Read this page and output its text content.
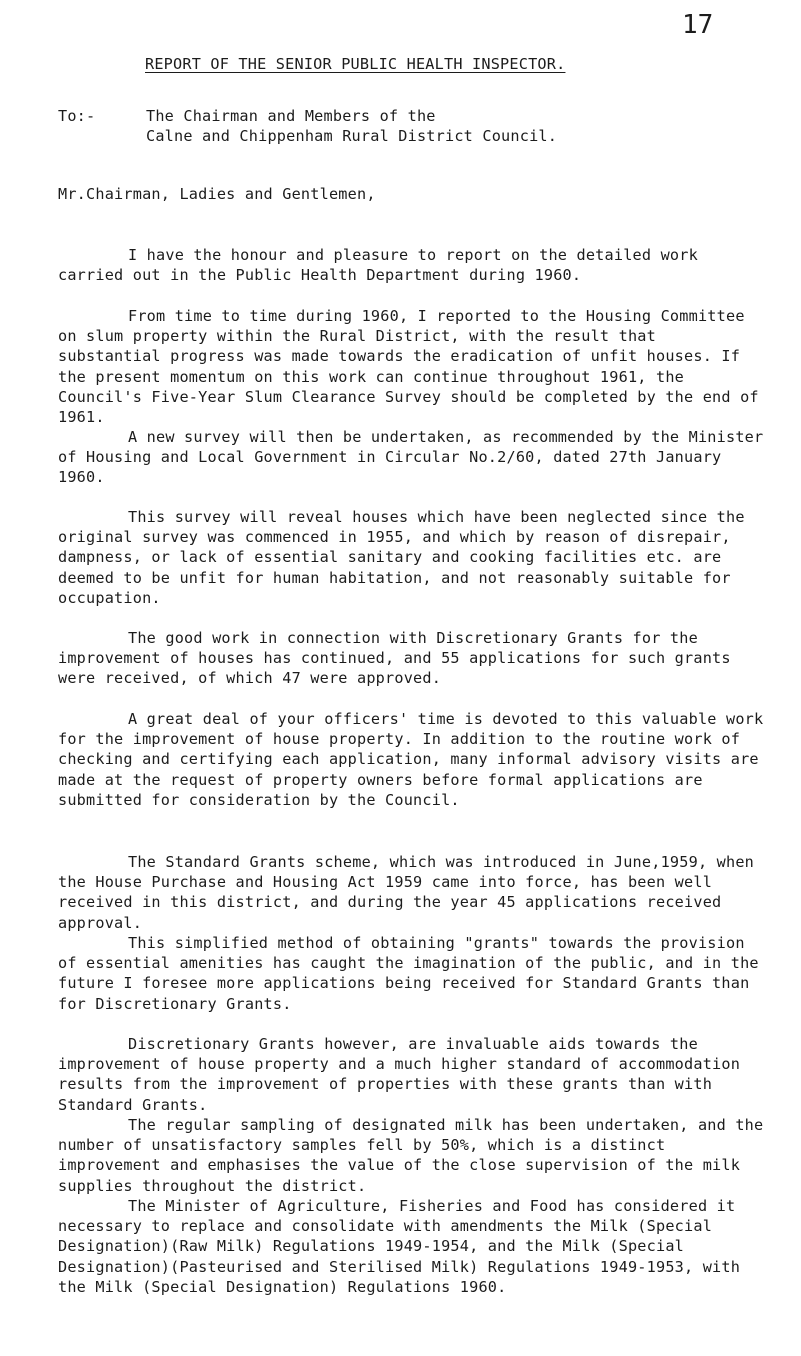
17
REPORT OF THE SENIOR PUBLIC HEALTH INSPECTOR.
To:-	The Chairman and Members of the
Calne and Chippenham Rural District Council.
Mr.Chairman, Ladies and Gentlemen,

I have the honour and pleasure to report on the detailed work carried out in the Public Health Department during 1960.

From time to time during 1960, I reported to the Housing Committee on slum property within the Rural District, with the result that substantial progress was made towards the eradication of unfit houses. If the present momentum on this work can continue throughout 1961, the Council's Five-Year Slum Clearance Survey should be completed by the end of 1961.

A new survey will then be undertaken, as recommended by the Minister of Housing and Local Government in Circular No.2/60, dated 27th January 1960.

This survey will reveal houses which have been neglected since the original survey was commenced in 1955, and which by reason of disrepair, dampness, or lack of essential sanitary and cooking facilities etc. are deemed to be unfit for human habitation, and not reasonably suitable for occupation.

The good work in connection with Discretionary Grants for the improvement of houses has continued, and 55 applications for such grants were received, of which 47 were approved.

A great deal of your officers' time is devoted to this valuable work for the improvement of house property. In addition to the routine work of checking and certifying each application, many informal advisory visits are made at the request of property owners before formal applications are submitted for consideration by the Council.

The Standard Grants scheme, which was introduced in June,1959, when the House Purchase and Housing Act 1959 came into force, has been well received in this district, and during the year 45 applications received approval.

This simplified method of obtaining "grants" towards the provision of essential amenities has caught the imagination of the public, and in the future I foresee more applications being received for Standard Grants than for Discretionary Grants.

Discretionary Grants however, are invaluable aids towards the improvement of house property and a much higher standard of accommodation results from the improvement of properties with these grants than with Standard Grants.

The regular sampling of designated milk has been undertaken, and the number of unsatisfactory samples fell by 50%, which is a distinct improvement and emphasises the value of the close supervision of the milk supplies throughout the district.

The Minister of Agriculture, Fisheries and Food has considered it necessary to replace and consolidate with amendments the Milk (Special Designation)(Raw Milk) Regulations 1949-1954, and the Milk (Special Designation)(Pasteurised and Sterilised Milk) Regulations 1949-1953, with the Milk (Special Designation) Regulations 1960.
